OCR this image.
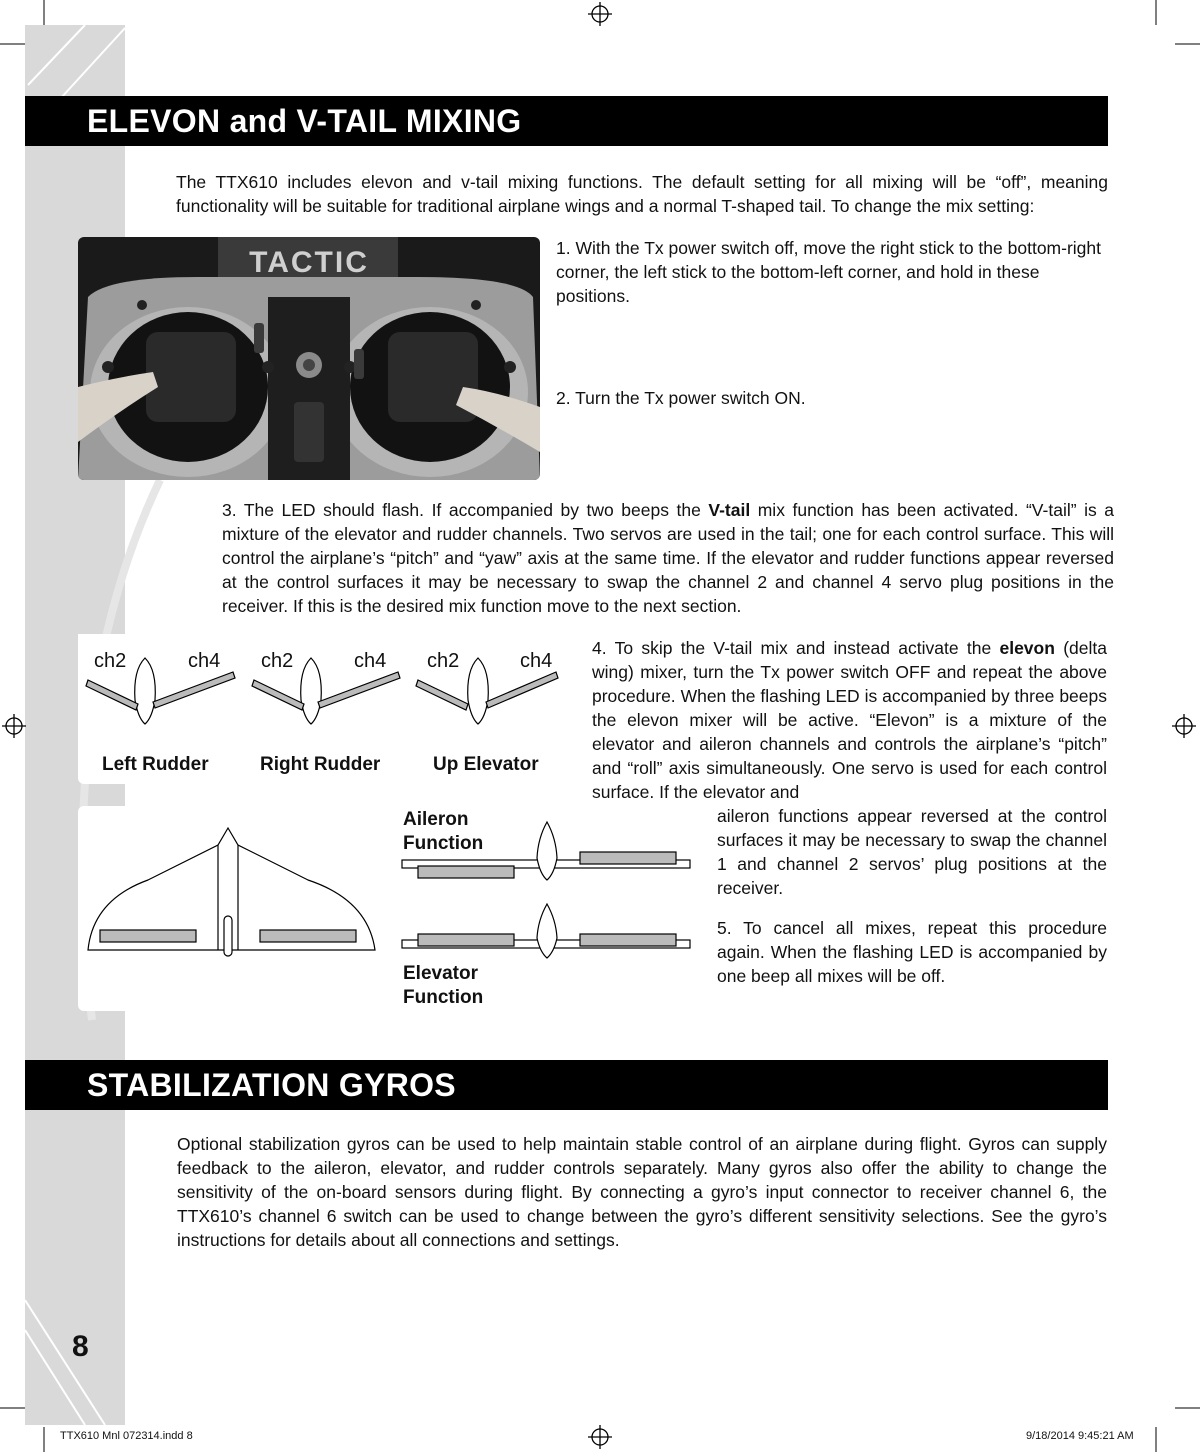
ELEVON and V-TAIL MIXING

The TTX610 includes elevon and v-tail mixing functions. The default setting for all mixing will be “off”, meaning functionality will be suitable for traditional airplane wings and a normal T-shaped tail. To change the mix setting:

TACTIC	1. With the Tx power switch off, move the right stick to the bottom-right corner, the left stick to the bottom-left corner, and hold in these positions.

2. Turn the Tx power switch ON.

3. The LED should flash. If accompanied by two beeps the V-tail mix function has been activated. “V-tail” is a mixture of the elevator and rudder channels. Two servos are used in the tail; one for each control surface. This will control the airplane’s “pitch” and “yaw” axis at the same time. If the elevator and rudder functions appear reversed at the control surfaces it may be necessary to swap the channel 2 and channel 4 servo plug positions in the receiver. If this is the desired mix function move to the next section.

ch2	ch4 ch2	ch4 ch2	ch4
Left Rudder	Right Rudder	Up Elevator

4. To skip the V-tail mix and instead activate the elevon (delta wing) mixer, turn the Tx power switch OFF and repeat the above procedure. When the flashing LED is accompanied by three beeps the elevon mixer will be active. “Elevon” is a mixture of the elevator and aileron channels and controls the airplane’s “pitch” and “roll” axis simultaneously. One servo is used for each control surface. If the elevator and

Aileron
Function
Elevator
Function

aileron functions appear reversed at the control surfaces it may be necessary to swap the channel 1 and channel 2 servos’ plug positions at the receiver.

5. To cancel all mixes, repeat this procedure again. When the flashing LED is accompanied by one beep all mixes will be off.

STABILIZATION GYROS

Optional stabilization gyros can be used to help maintain stable control of an airplane during flight. Gyros can supply feedback to the aileron, elevator, and rudder controls separately. Many gyros also offer the ability to change the sensitivity of the on-board sensors during flight. By connecting a gyro’s input connector to receiver channel 6, the TTX610’s channel 6 switch can be used to change between the gyro’s different sensitivity selections. See the gyro’s instructions for details about all connections and settings.

8
TTX610 Mnl 072314.indd 8	9/18/2014 9:45:21 AM
